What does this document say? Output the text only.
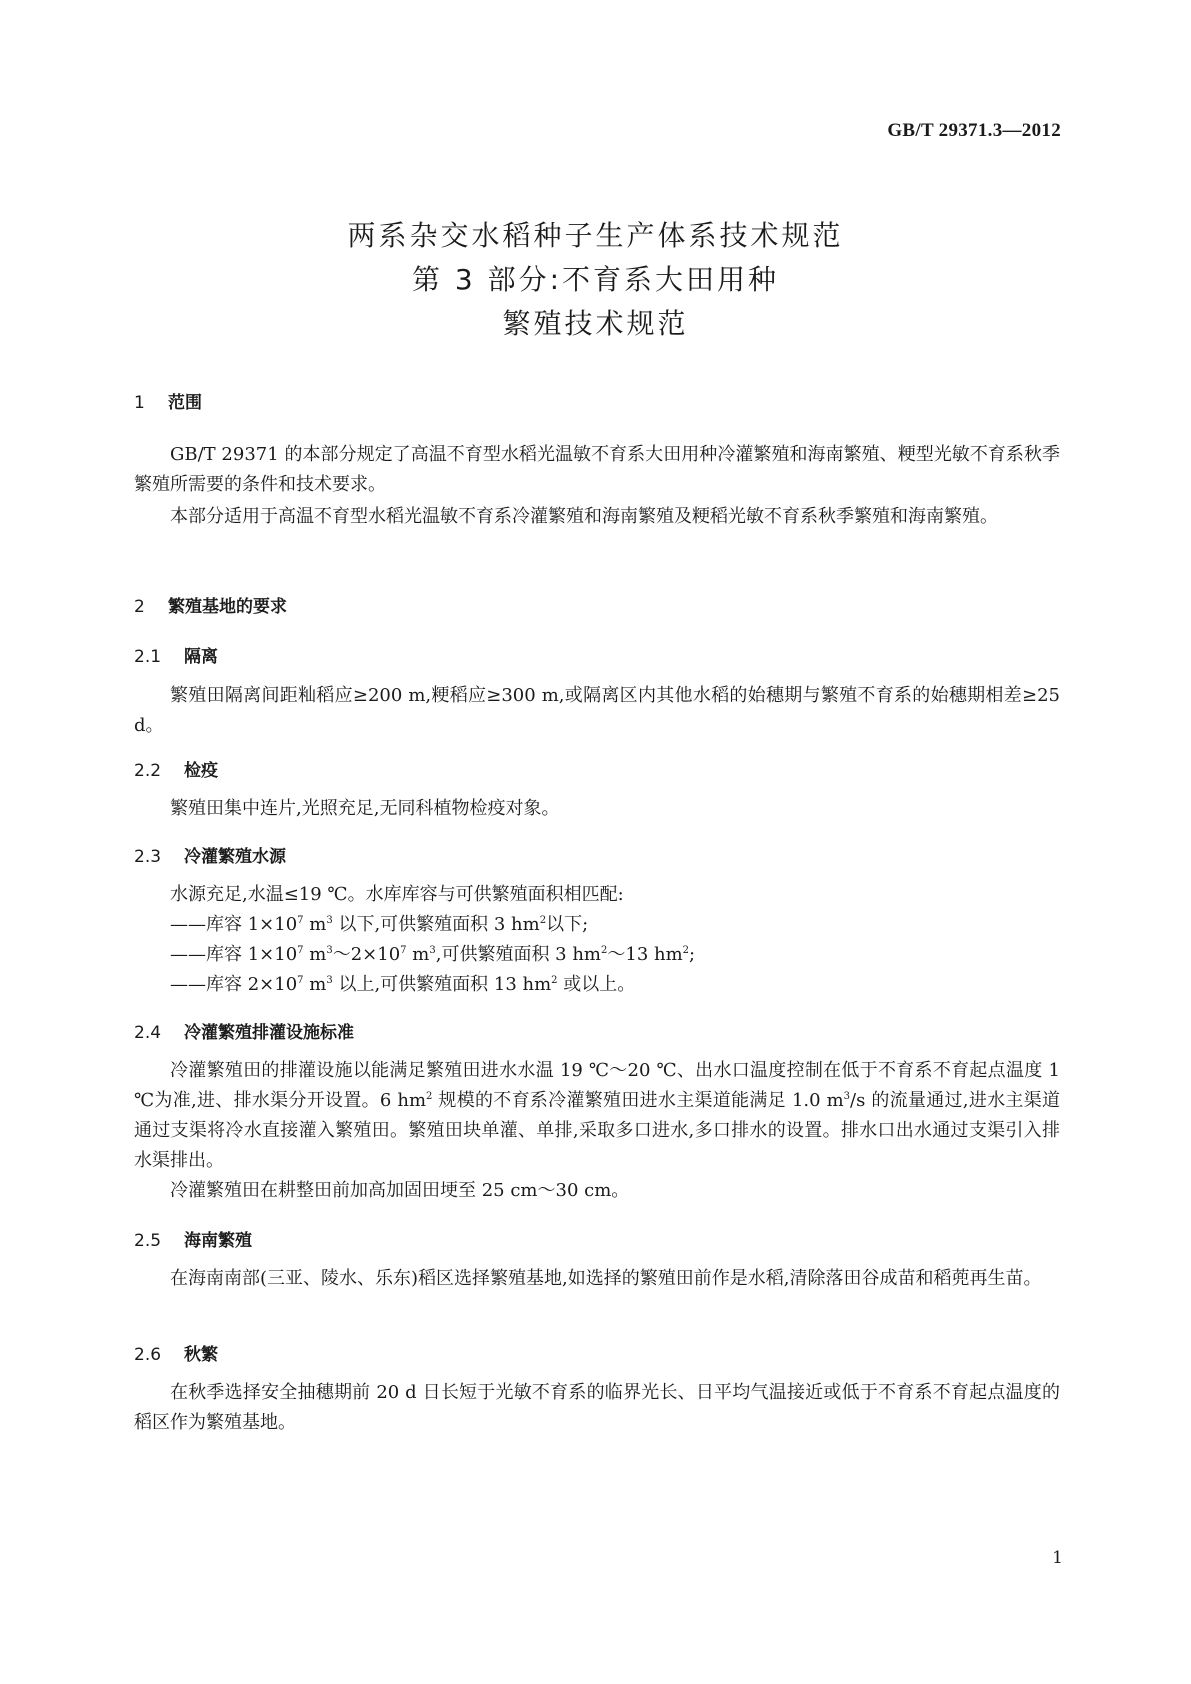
GB/T 29371.3—2012
两系杂交水稻种子生产体系技术规范
第 3 部分:不育系大田用种
繁殖技术规范
1 范围

GB/T 29371 的本部分规定了高温不育型水稻光温敏不育系大田用种冷灌繁殖和海南繁殖、粳型光敏不育系秋季繁殖所需要的条件和技术要求。

本部分适用于高温不育型水稻光温敏不育系冷灌繁殖和海南繁殖及粳稻光敏不育系秋季繁殖和海南繁殖。

2 繁殖基地的要求
2.1 隔离

繁殖田隔离间距籼稻应≥200 m,粳稻应≥300 m,或隔离区内其他水稻的始穗期与繁殖不育系的始穗期相差≥25 d。

2.2 检疫

繁殖田集中连片,光照充足,无同科植物检疫对象。

2.3 冷灌繁殖水源

水源充足,水温≤19 ℃。水库库容与可供繁殖面积相匹配:

——库容 $1\times 10^7$ $m^3$ 以下,可供繁殖面积 3 $hm^2$以下;

——库容 $1\times 10^7$ $m^3\sim 2\times 10^7$ $m^3$,可供繁殖面积 3 $hm^2\sim 13$ $hm^2$;

——库容 $2\times 10^7$ $m^3$ 以上,可供繁殖面积 13 $hm^2$ 或以上。

2.4 冷灌繁殖排灌设施标准

冷灌繁殖田的排灌设施以能满足繁殖田进水水温 19 ℃～20 ℃、出水口温度控制在低于不育系不育起点温度 1 ℃为准,进、排水渠分开设置。6 $hm^2$ 规模的不育系冷灌繁殖田进水主渠道能满足 1.0 $m^3/s$ 的流量通过,进水主渠道通过支渠将冷水直接灌入繁殖田。繁殖田块单灌、单排,采取多口进水,多口排水的设置。排水口出水通过支渠引入排水渠排出。

冷灌繁殖田在耕整田前加高加固田埂至 25 cm～30 cm。

2.5 海南繁殖

在海南南部(三亚、陵水、乐东)稻区选择繁殖基地,如选择的繁殖田前作是水稻,清除落田谷成苗和稻蔸再生苗。

2.6 秋繁

在秋季选择安全抽穗期前 20 d 日长短于光敏不育系的临界光长、日平均气温接近或低于不育系不育起点温度的稻区作为繁殖基地。

1
